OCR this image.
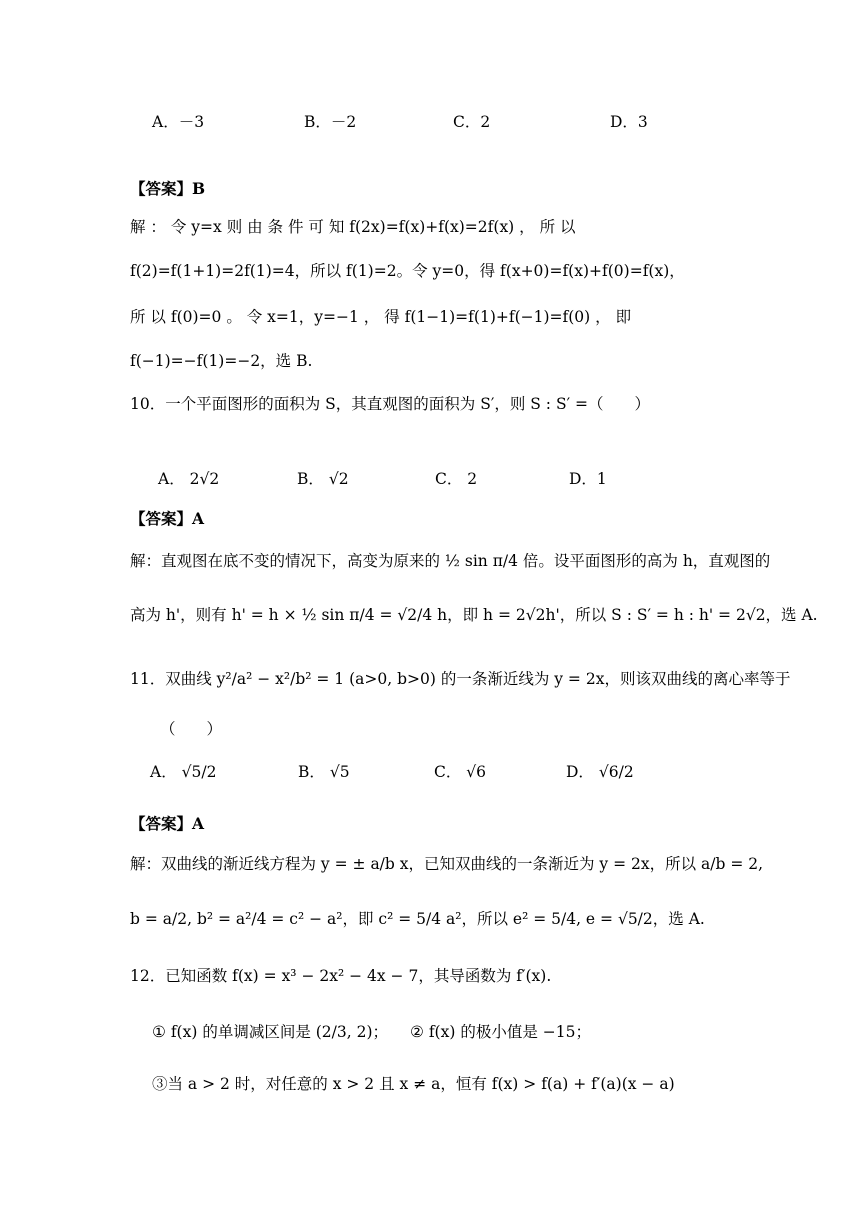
A．－3	B．－2	C．2	D．3
【答案】B
解 ： 令 y=x 则 由 条 件 可 知 f(2x)=f(x)+f(x)=2f(x) ， 所 以
f(2)=f(1+1)=2f(1)=4，所以 f(1)=2。令 y=0，得 f(x+0)=f(x)+f(0)=f(x)，
所 以 f(0)=0 。 令 x=1，y=−1 ， 得 f(1−1)=f(1)+f(−1)=f(0) ， 即
f(−1)=−f(1)=−2，选 B.
10．一个平面图形的面积为 S，其直观图的面积为 S′，则 S : S′ =（　　）
A． 2√2	B． √2	C． 2	D．1
【答案】A
解：直观图在底不变的情况下，高变为原来的 ½ sin π/4 倍。设平面图形的高为 h，直观图的
高为 h'，则有 h' = h × ½ sin π/4 = √2/4 h，即 h = 2√2h'，所以 S : S′ = h : h' = 2√2，选 A.
11．双曲线 y²/a² − x²/b² = 1 (a>0, b>0) 的一条渐近线为 y = 2x，则该双曲线的离心率等于
（　　）
A． √5/2	B． √5	C． √6	D． √6/2
【答案】A
解：双曲线的渐近线方程为 y = ± a/b x，已知双曲线的一条渐近为 y = 2x，所以 a/b = 2,
b = a/2, b² = a²/4 = c² − a²，即 c² = 5/4 a²，所以 e² = 5/4, e = √5/2，选 A.
12．已知函数 f(x) = x³ − 2x² − 4x − 7，其导函数为 f′(x).
① f(x) 的单调减区间是 (2/3, 2)； ② f(x) 的极小值是 −15；
③当 a > 2 时，对任意的 x > 2 且 x ≠ a，恒有 f(x) > f(a) + f′(a)(x − a)
